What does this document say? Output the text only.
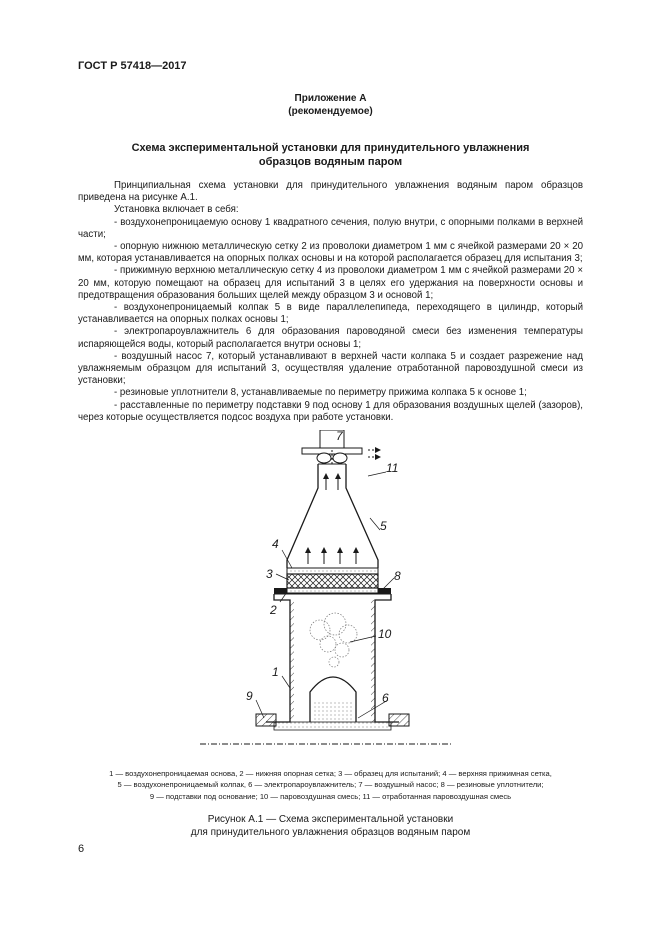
ГОСТ Р 57418—2017
Приложение А
(рекомендуемое)
Схема экспериментальной установки для принудительного увлажнения
образцов водяным паром

Принципиальная схема установки для принудительного увлажнения водяным паром образцов приведена на рисунке А.1.

Установка включает в себя:

- воздухонепроницаемую основу 1 квадратного сечения, полую внутри, с опорными полками в верхней части;

- опорную нижнюю металлическую сетку 2 из проволоки диаметром 1 мм с ячейкой размерами 20 × 20 мм, которая устанавливается на опорных полках основы и на которой располагается образец для испытания 3;

- прижимную верхнюю металлическую сетку 4 из проволоки диаметром 1 мм с ячейкой размерами 20 × 20 мм, которую помещают на образец для испытаний 3 в целях его удержания на поверхности основы и предотвращения образования больших щелей между образцом 3 и основой 1;

- воздухонепроницаемый колпак 5 в виде параллелепипеда, переходящего в цилиндр, который устанавливается на опорных полках основы 1;

- электропароувлажнитель 6 для образования пароводяной смеси без изменения температуры испаряющейся воды, который располагается внутри основы 1;

- воздушный насос 7, который устанавливают в верхней части колпака 5 и создает разрежение над увлажняемым образцом для испытаний 3, осуществляя удаление отработанной паровоздушной смеси из установки;

- резиновые уплотнители 8, устанавливаемые по периметру прижима колпака 5 к основе 1;

- расставленные по периметру подставки 9 под основу 1 для образования воздушных щелей (зазоров), через которые осуществляется подсос воздуха при работе установки.

7
11
5
4
3
2
8
10
1
6
9
1 — воздухонепроницаемая основа, 2 — нижняя опорная сетка; 3 — образец для испытаний; 4 — верхняя прижимная сетка,
5 — воздухонепроницаемый колпак, 6 — электропароувлажнитель; 7 — воздушный насос; 8 — резиновые уплотнители;
9 — подставки под основание; 10 — паровоздушная смесь; 11 — отработанная паровоздушная смесь
Рисунок А.1 — Схема экспериментальной установки
для принудительного увлажнения образцов водяным паром
6
